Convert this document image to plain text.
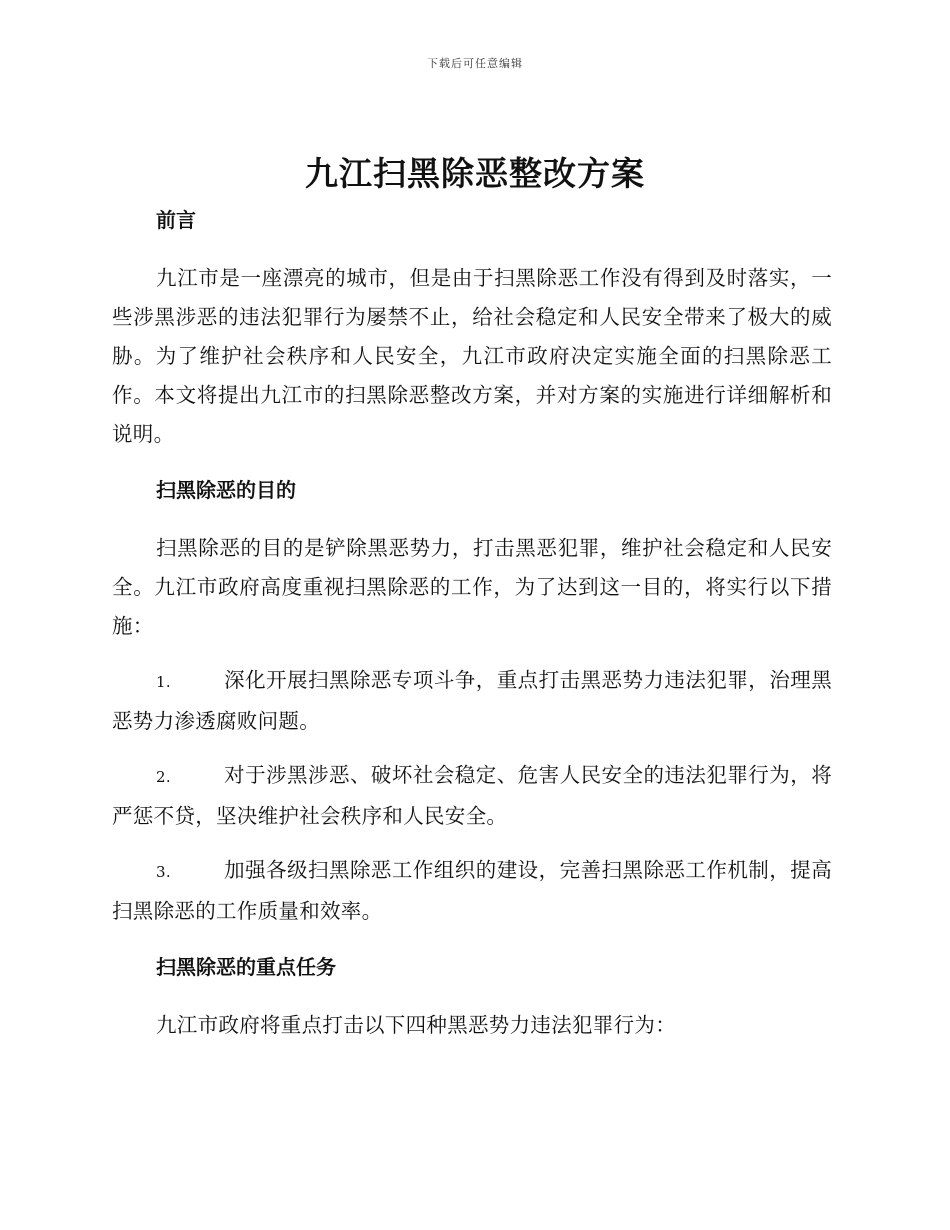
下载后可任意编辑
九江扫黑除恶整改方案
前言

九江市是一座漂亮的城市，但是由于扫黑除恶工作没有得到及时落实，一些涉黑涉恶的违法犯罪行为屡禁不止，给社会稳定和人民安全带来了极大的威胁。为了维护社会秩序和人民安全，九江市政府决定实施全面的扫黑除恶工作。本文将提出九江市的扫黑除恶整改方案，并对方案的实施进行详细解析和说明。

扫黑除恶的目的

扫黑除恶的目的是铲除黑恶势力，打击黑恶犯罪，维护社会稳定和人民安全。九江市政府高度重视扫黑除恶的工作，为了达到这一目的，将实行以下措施：

1.	深化开展扫黑除恶专项斗争，重点打击黑恶势力违法犯罪，治理黑恶势力渗透腐败问题。

2.	对于涉黑涉恶、破坏社会稳定、危害人民安全的违法犯罪行为，将严惩不贷，坚决维护社会秩序和人民安全。

3.	加强各级扫黑除恶工作组织的建设，完善扫黑除恶工作机制，提高扫黑除恶的工作质量和效率。

扫黑除恶的重点任务

九江市政府将重点打击以下四种黑恶势力违法犯罪行为：
